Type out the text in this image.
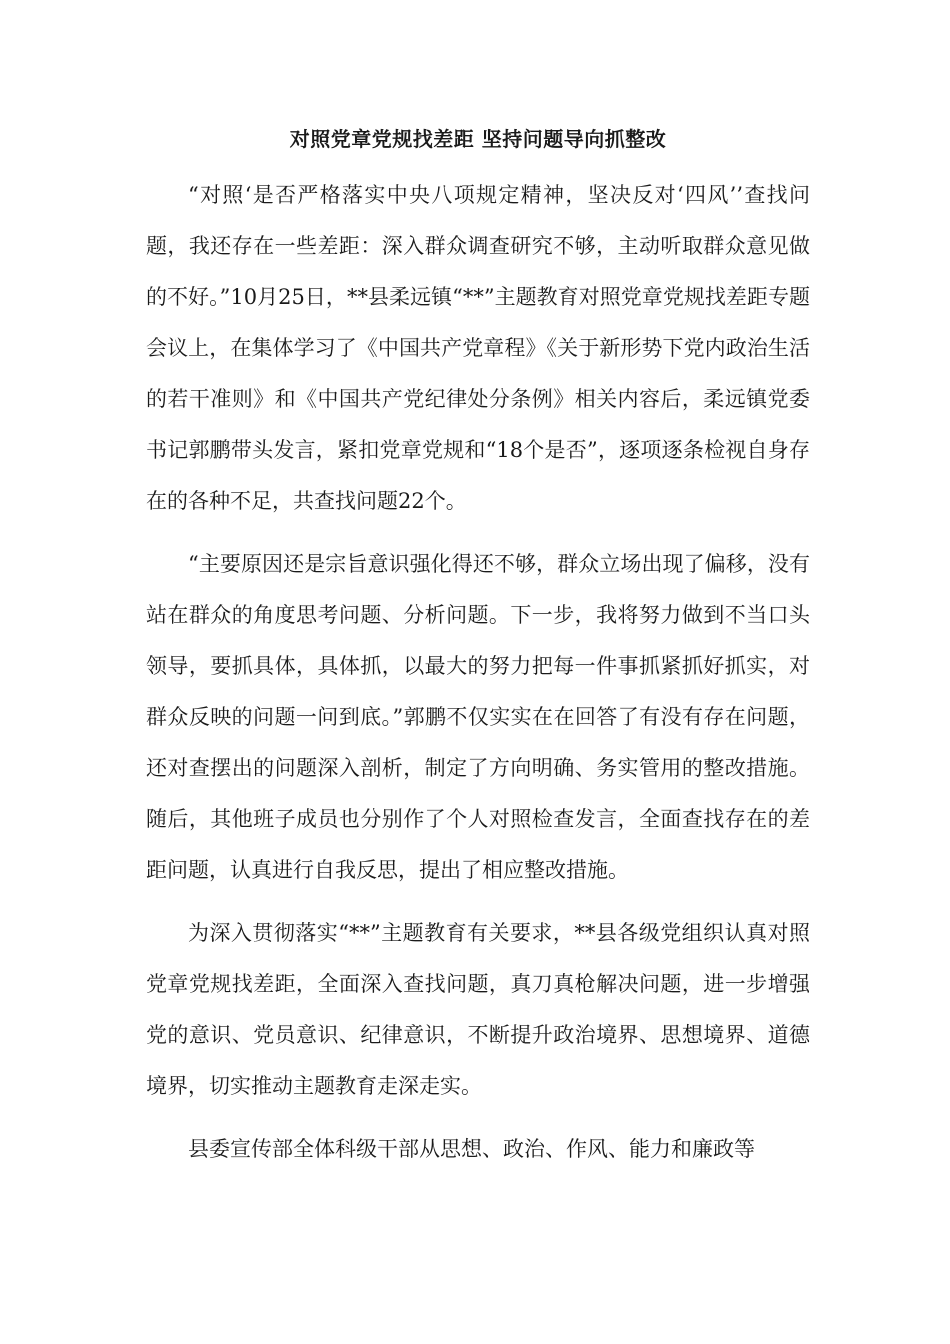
对照党章党规找差距 坚持问题导向抓整改

“对照‘是否严格落实中央八项规定精神，坚决反对‘四风’’查找问题，我还存在一些差距：深入群众调查研究不够，主动听取群众意见做的不好。”10月25日，**县柔远镇“**”主题教育对照党章党规找差距专题会议上，在集体学习了《中国共产党章程》《关于新形势下党内政治生活的若干准则》和《中国共产党纪律处分条例》相关内容后，柔远镇党委书记郭鹏带头发言，紧扣党章党规和“18个是否”，逐项逐条检视自身存在的各种不足，共查找问题22个。

“主要原因还是宗旨意识强化得还不够，群众立场出现了偏移，没有站在群众的角度思考问题、分析问题。下一步，我将努力做到不当口头领导，要抓具体，具体抓，以最大的努力把每一件事抓紧抓好抓实，对群众反映的问题一问到底。”郭鹏不仅实实在在回答了有没有存在问题，还对查摆出的问题深入剖析，制定了方向明确、务实管用的整改措施。随后，其他班子成员也分别作了个人对照检查发言，全面查找存在的差距问题，认真进行自我反思，提出了相应整改措施。

为深入贯彻落实“**”主题教育有关要求，**县各级党组织认真对照党章党规找差距，全面深入查找问题，真刀真枪解决问题，进一步增强党的意识、党员意识、纪律意识，不断提升政治境界、思想境界、道德境界，切实推动主题教育走深走实。

县委宣传部全体科级干部从思想、政治、作风、能力和廉政等
